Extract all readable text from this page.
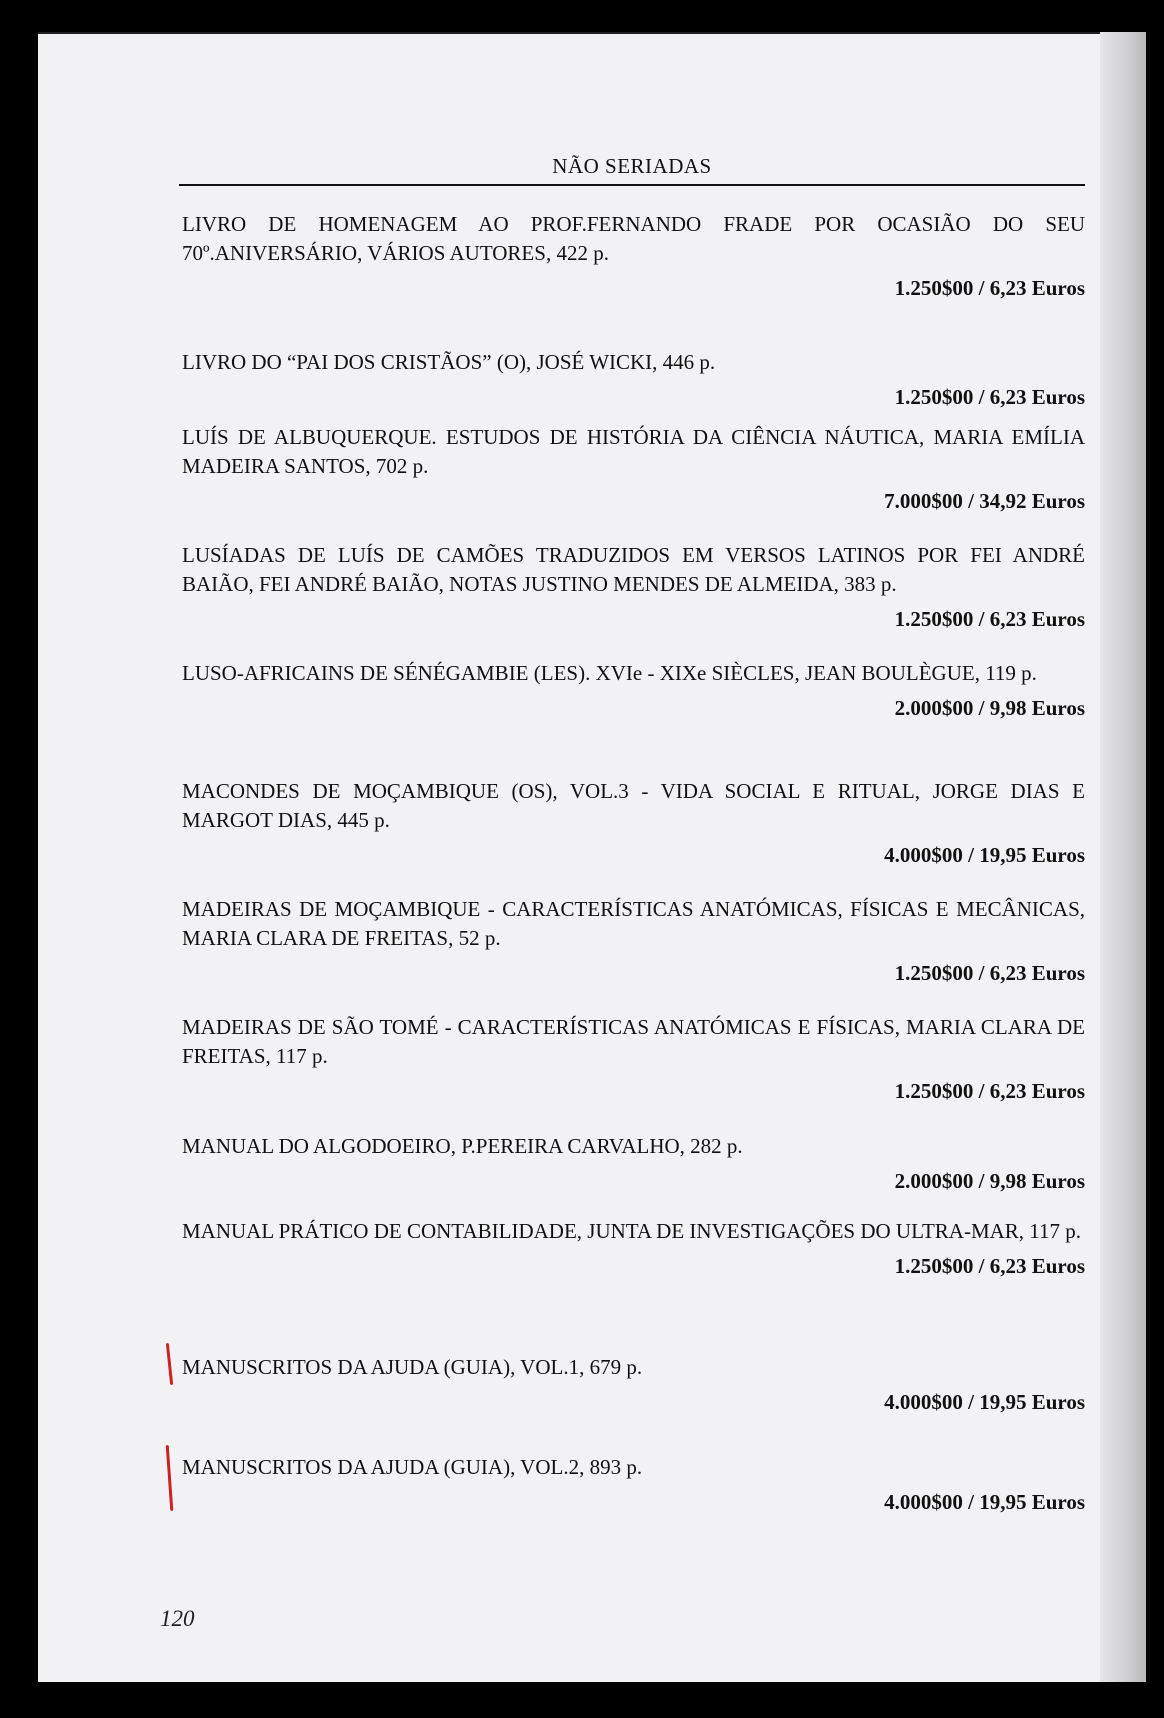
NÃO SERIADAS

LIVRO DE HOMENAGEM AO PROF.FERNANDO FRADE POR OCASIÃO DO SEU 70º.ANIVERSÁRIO, VÁRIOS AUTORES, 422 p.

1.250$00 / 6,23 Euros

LIVRO DO “PAI DOS CRISTÃOS” (O), JOSÉ WICKI, 446 p.

1.250$00 / 6,23 Euros

LUÍS DE ALBUQUERQUE. ESTUDOS DE HISTÓRIA DA CIÊNCIA NÁUTICA, MARIA EMÍLIA MADEIRA SANTOS, 702 p.

7.000$00 / 34,92 Euros

LUSÍADAS DE LUÍS DE CAMÕES TRADUZIDOS EM VERSOS LATINOS POR FEI ANDRÉ BAIÃO, FEI ANDRÉ BAIÃO, NOTAS JUSTINO MENDES DE ALMEIDA, 383 p.

1.250$00 / 6,23 Euros

LUSO-AFRICAINS DE SÉNÉGAMBIE (LES). XVIe - XIXe SIÈCLES, JEAN BOULÈGUE, 119 p.

2.000$00 / 9,98 Euros

MACONDES DE MOÇAMBIQUE (OS), VOL.3 - VIDA SOCIAL E RITUAL, JORGE DIAS E MARGOT DIAS, 445 p.

4.000$00 / 19,95 Euros

MADEIRAS DE MOÇAMBIQUE - CARACTERÍSTICAS ANATÓMICAS, FÍSICAS E MECÂNICAS, MARIA CLARA DE FREITAS, 52 p.

1.250$00 / 6,23 Euros

MADEIRAS DE SÃO TOMÉ - CARACTERÍSTICAS ANATÓMICAS E FÍSICAS, MARIA CLARA DE FREITAS, 117 p.

1.250$00 / 6,23 Euros

MANUAL DO ALGODOEIRO, P.PEREIRA CARVALHO, 282 p.

2.000$00 / 9,98 Euros

MANUAL PRÁTICO DE CONTABILIDADE, JUNTA DE INVESTIGAÇÕES DO ULTRA-MAR, 117 p.

1.250$00 / 6,23 Euros

MANUSCRITOS DA AJUDA (GUIA), VOL.1, 679 p.

4.000$00 / 19,95 Euros

MANUSCRITOS DA AJUDA (GUIA), VOL.2, 893 p.

4.000$00 / 19,95 Euros
120
